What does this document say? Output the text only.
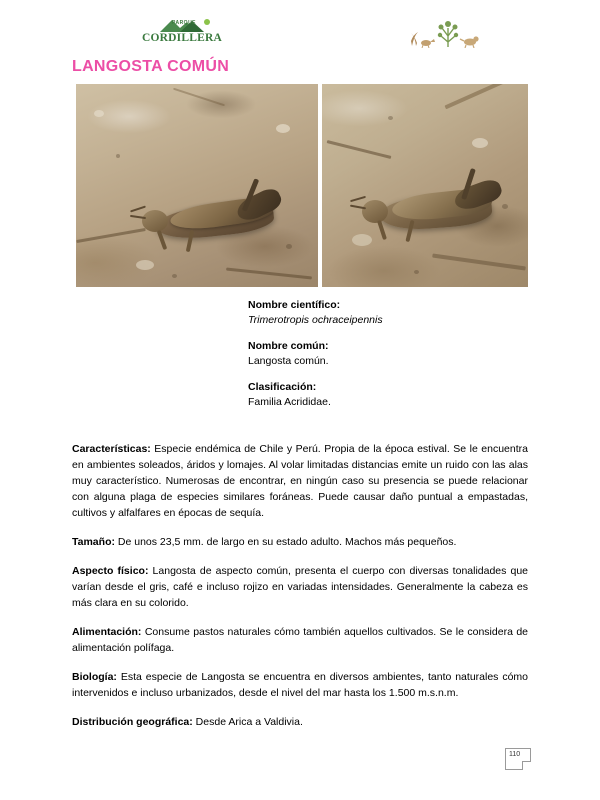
PARQUE
CORDILLERA
LANGOSTA COMÚN
Nombre científico:
Trimerotropis ochraceipennis
Nombre común:
Langosta común.
Clasificación:
Familia Acrididae.

Características: Especie endémica de Chile y Perú. Propia de la época estival. Se le encuentra en ambientes soleados, áridos y lomajes. Al volar limitadas distancias emite un ruido con las alas muy característico. Numerosas de encontrar, en ningún caso su presencia se puede relacionar con alguna plaga de especies similares foráneas. Puede causar daño puntual a empastadas, cultivos y alfalfares en épocas de sequía.

Tamaño: De unos 23,5 mm. de largo en su estado adulto. Machos más pequeños.

Aspecto físico: Langosta de aspecto común, presenta el cuerpo con diversas tonalidades que varían desde el gris, café e incluso rojizo en variadas intensidades. Generalmente la cabeza es más clara en su colorido.

Alimentación: Consume pastos naturales cómo también aquellos cultivados. Se le considera de alimentación polífaga.

Biología: Esta especie de Langosta se encuentra en diversos ambientes, tanto naturales cómo intervenidos e incluso urbanizados, desde el nivel del mar hasta los 1.500 m.s.n.m.

Distribución geográfica: Desde Arica a Valdivia.

110
